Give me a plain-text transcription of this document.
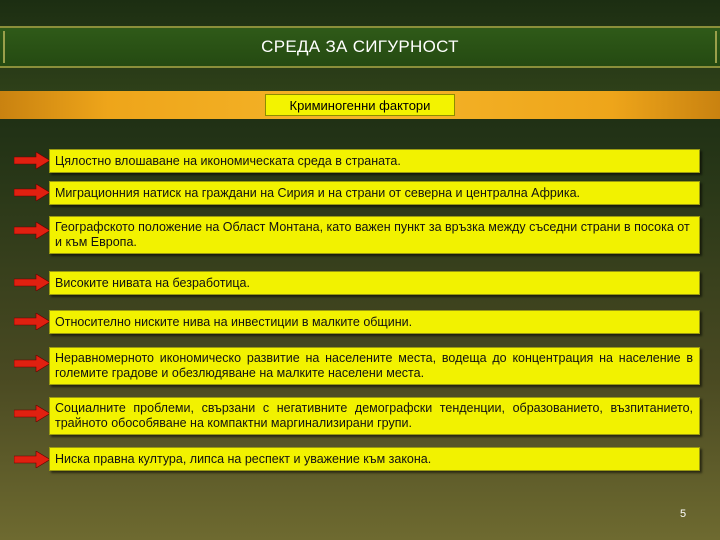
СРЕДА ЗА СИГУРНОСТ
Криминогенни фактори
Цялостно влошаване на икономическата среда в страната.
Миграционния натиск на граждани на Сирия и на страни от северна и централна Африка.
Географското положение на Област Монтана, като важен пункт за връзка между съседни страни в посока от и към Европа.
Високите нивата на безработица.
Относително ниските нива на инвестиции в малките общини.
Неравномерното икономическо развитие на населените места, водеща до концентрация на население в големите градове и обезлюдяване на малките населени места.
Социалните проблеми, свързани с негативните демографски тенденции, образованието, възпитанието, трайното обособяване на компактни маргинализирани групи.
Ниска правна култура, липса на респект и уважение към закона.
5
